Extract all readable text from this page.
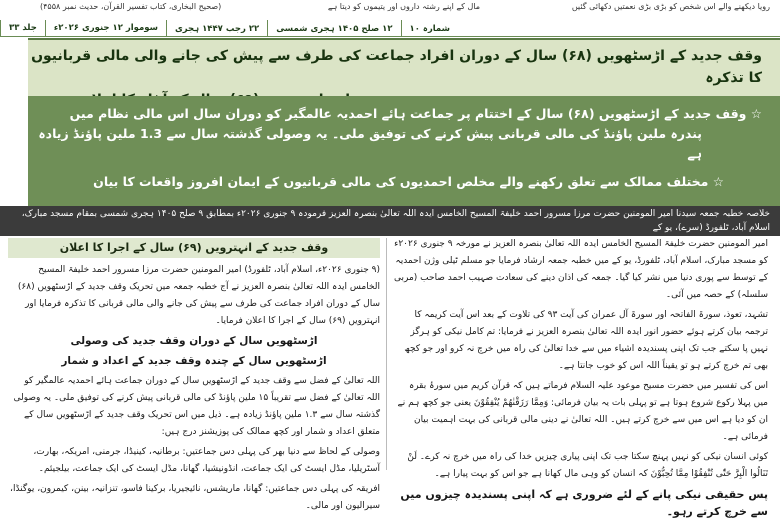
رویا دیکھنے والے اس شخص کو بڑی بڑی نعمتیں دکھائی گئیں
مال کے اپنے رشتہ داروں اور یتیموں کو دیتا ہے
(صحیح البخاری، کتاب تفسیر القرآن، حدیث نمبر ۴۵۵۸)
جلد ۳۳	سوموار ۱۲ جنوری ۲۰۲۶ء	۲۲ رجب ۱۴۴۷ ہجری	۱۲ صلح ۱۴۰۵ ہجری شمسی	شمارہ ۱۰
وقف جدید کے اڑسٹھویں (۶۸) سال کے دوران افراد جماعت کی طرف سے پیش کی جانے والی مالی قربانیوں کا تذکرہ
☆ وقف جدید کے اڑسٹھویں (۶۸) سال کے اختتام پر جماعت ہائے احمدیہ عالمگیر کو دوران سال اس مالی نظام میں
پندرہ ملین پاؤنڈ کی مالی قربانی پیش کرنے کی توفیق ملی۔ یہ وصولی گذشتہ سال سے 1.3 ملین پاؤنڈ زیادہ ہے
☆ مختلف ممالک سے تعلق رکھنے والے مخلص احمدیوں کی مالی قربانیوں کے ایمان افروز واقعات کا بیان
خلاصہ خطبہ جمعہ سیدنا امیر المومنین حضرت مرزا مسرور احمد خلیفۃ المسیح الخامس ایدہ اللہ تعالیٰ بنصرہ العزیز فرمودہ ۹ جنوری ۲۰۲۶ء بمطابق ۹ صلح ۱۴۰۵ ہجری شمسی بمقام مسجد مبارک، اسلام آباد، ٹلفورڈ (سرے)، یو کے

امیر المومنین حضرت خلیفۃ المسیح الخامس ایدہ اللہ تعالیٰ بنصرہ العزیز نے مورخہ ۹ جنوری ۲۰۲۶ء کو مسجد مبارک، اسلام آباد، ٹلفورڈ، یو کے میں خطبہ جمعہ ارشاد فرمایا جو مسلم ٹیلی وژن احمدیہ کے توسط سے پوری دنیا میں نشر کیا گیا۔ جمعہ کی اذان دینے کی سعادت صہیب احمد صاحب (مربی سلسلہ) کے حصہ میں آئی۔

تشہد، تعوذ، سورۃ الفاتحہ اور سورۃ آل عمران کی آیت ۹۳ کی تلاوت کے بعد اس آیت کریمہ کا ترجمہ بیان کرتے ہوئے حضور انور ایدہ اللہ تعالیٰ بنصرہ العزیز نے فرمایا: تم کامل نیکی کو ہرگز نہیں پا سکتے جب تک اپنی پسندیدہ اشیاء میں سے خدا تعالیٰ کی راہ میں خرچ نہ کرو اور جو کچھ بھی تم خرچ کرتے ہو تو یقیناً اللہ اس کو خوب جانتا ہے۔

اس کی تفسیر میں حضرت مسیح موعود علیہ السلام فرماتے ہیں کہ قرآن کریم میں سورۂ بقرہ میں پہلا رکوع شروع ہوتا ہے تو پہلی بات یہ بیان فرمائی: وَمِمَّا رَزَقْنٰهُمْ يُنْفِقُوْنَ یعنی جو کچھ ہم نے ان کو دیا ہے اس میں سے خرچ کرتے ہیں۔ اللہ تعالیٰ نے دینی مالی قربانی کی بہت اہمیت بیان فرمائی ہے۔

کوئی انسان نیکی کو نہیں پہنچ سکتا جب تک اپنی پیاری چیزیں خدا کی راہ میں خرچ نہ کرے۔ لَنْ تَنَالُوا الْبِرَّ حَتّٰى تُنْفِقُوْا مِمَّا تُحِبُّوْنَ کہ انسان کو وہی مال کھانا ہے جو اس کو بہت پیارا ہے۔

پس حقیقی نیکی پانے کے لئے ضروری ہے کہ اپنی پسندیدہ چیزوں میں سے خرچ کرتے رہو۔

وقف جدید کے انہترویں (۶۹) سال کے اجرا کا اعلان

(۹ جنوری ۲۰۲۶ء، اسلام آباد، ٹلفورڈ) امیر المومنین حضرت مرزا مسرور احمد خلیفۃ المسیح الخامس ایدہ اللہ تعالیٰ بنصرہ العزیز نے آج خطبہ جمعہ میں تحریک وقف جدید کے اڑسٹھویں (۶۸) سال کے دوران افراد جماعت کی طرف سے پیش کی جانے والی مالی قربانی کا تذکرہ فرمایا اور انہترویں (۶۹) سال کے اجرا کا اعلان فرمایا۔

اڑسٹھویں سال کے دوران وقف جدید کی وصولی
اڑسٹھویں سال کے چندہ وقف جدید کے اعداد و شمار

اللہ تعالیٰ کے فضل سے وقف جدید کے اڑسٹھویں سال کے دوران جماعت ہائے احمدیہ عالمگیر کو اللہ تعالیٰ کے فضل سے تقریباً ۱۵ ملین پاؤنڈ کی مالی قربانی پیش کرنے کی توفیق ملی۔ یہ وصولی گذشتہ سال سے ۱.۳ ملین پاؤنڈ زیادہ ہے۔ ذیل میں اس تحریک وقف جدید کے اڑسٹھویں سال کے متعلق اعداد و شمار اور کچھ ممالک کی پوزیشنز درج ہیں:

وصولی کے لحاظ سے دنیا بھر کی پہلی دس جماعتیں: برطانیہ، کینیڈا، جرمنی، امریکہ، بھارت، آسٹریلیا، مڈل ایسٹ کی ایک جماعت، انڈونیشیا، گھانا، مڈل ایسٹ کی ایک جماعت، بیلجیئم۔

افریقہ کی پہلی دس جماعتیں: گھانا، ماریشس، نائیجیریا، برکینا فاسو، تنزانیہ، بینن، کیمرون، یوگنڈا، سیرالیون اور مالی۔
